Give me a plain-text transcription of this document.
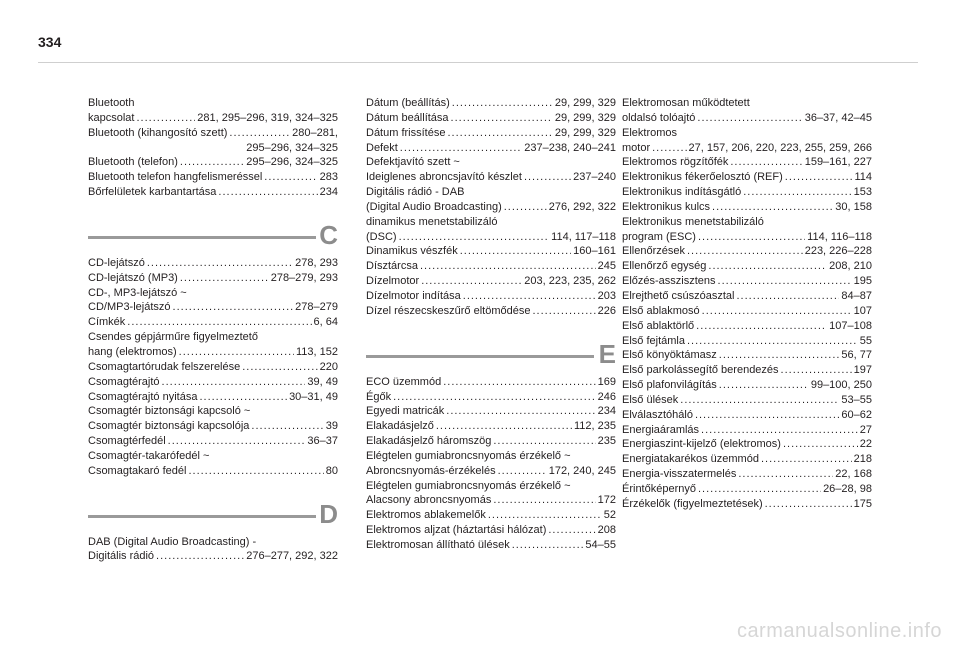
334
Bluetooth
kapcsolat .....	281, 295–296, 319, 324–325
Bluetooth (kihangosító szett) .....	280–281,
295–296, 324–325
Bluetooth (telefon) .....	295–296, 324–325
Bluetooth telefon hangfelismeréssel .....	283
Bőrfelületek karbantartása .....	234
C
CD-lejátszó .....	278, 293
CD-lejátszó (MP3) .....	278–279, 293
CD-, MP3-lejátszó ~
CD/MP3-lejátszó .....	278–279
Címkék .....	6, 64
Csendes gépjárműre figyelmeztető
hang (elektromos) .....	113, 152
Csomagtartórudak felszerelése .....	220
Csomagtérajtó .....	39, 49
Csomagtérajtó nyitása .....	30–31, 49
Csomagtér biztonsági kapcsoló ~
Csomagtér biztonsági kapcsolója .....	39
Csomagtérfedél .....	36–37
Csomagtér-takarófedél ~
Csomagtakaró fedél .....	80
D
DAB (Digital Audio Broadcasting) -
Digitális rádió .....	276–277, 292, 322
Dátum (beállítás) .....	29, 299, 329
Dátum beállítása .....	29, 299, 329
Dátum frissítése .....	29, 299, 329
Defekt .....	237–238, 240–241
Defektjavító szett ~
Ideiglenes abroncsjavító készlet .....	237–240
Digitális rádió - DAB
(Digital Audio Broadcasting) .....	276, 292, 322
dinamikus menetstabilizáló
(DSC) .....	114, 117–118
Dinamikus vészfék .....	160–161
Dísztárcsa .....	245
Dízelmotor .....	203, 223, 235, 262
Dízelmotor indítása .....	203
Dízel részecskeszűrő eltömődése .....	226
E
ECO üzemmód .....	169
Égők .....	246
Egyedi matricák .....	234
Elakadásjelző .....	112, 235
Elakadásjelző háromszög .....	235
Elégtelen gumiabroncsnyomás érzékelő ~
Abroncsnyomás-érzékelés .....	172, 240, 245
Elégtelen gumiabroncsnyomás érzékelő ~
Alacsony abroncsnyomás .....	172
Elektromos ablakemelők .....	52
Elektromos aljzat (háztartási hálózat) .....	208
Elektromosan állítható ülések .....	54–55
Elektromosan működtetett
oldalsó tolóajtó .....	36–37, 42–45
Elektromos
motor .....	27, 157, 206, 220, 223, 255, 259, 266
Elektromos rögzítőfék .....	159–161, 227
Elektronikus fékerőelosztó (REF) .....	114
Elektronikus indításgátló .....	153
Elektronikus kulcs .....	30, 158
Elektronikus menetstabilizáló
program (ESC) .....	114, 116–118
Ellenőrzések .....	223, 226–228
Ellenőrző egység .....	208, 210
Előzés-asszisztens .....	195
Elrejthető csúszóasztal .....	84–87
Első ablakmosó .....	107
Első ablaktörlő .....	107–108
Első fejtámla .....	55
Első könyöktámasz .....	56, 77
Első parkolássegítő berendezés .....	197
Első plafonvilágítás .....	99–100, 250
Első ülések .....	53–55
Elválasztóháló .....	60–62
Energiaáramlás .....	27
Energiaszint-kijelző (elektromos) .....	22
Energiatakarékos üzemmód .....	218
Energia-visszatermelés .....	22, 168
Érintőképernyő .....	26–28, 98
Érzékelők (figyelmeztetések) .....	175
carmanualsonline.info
